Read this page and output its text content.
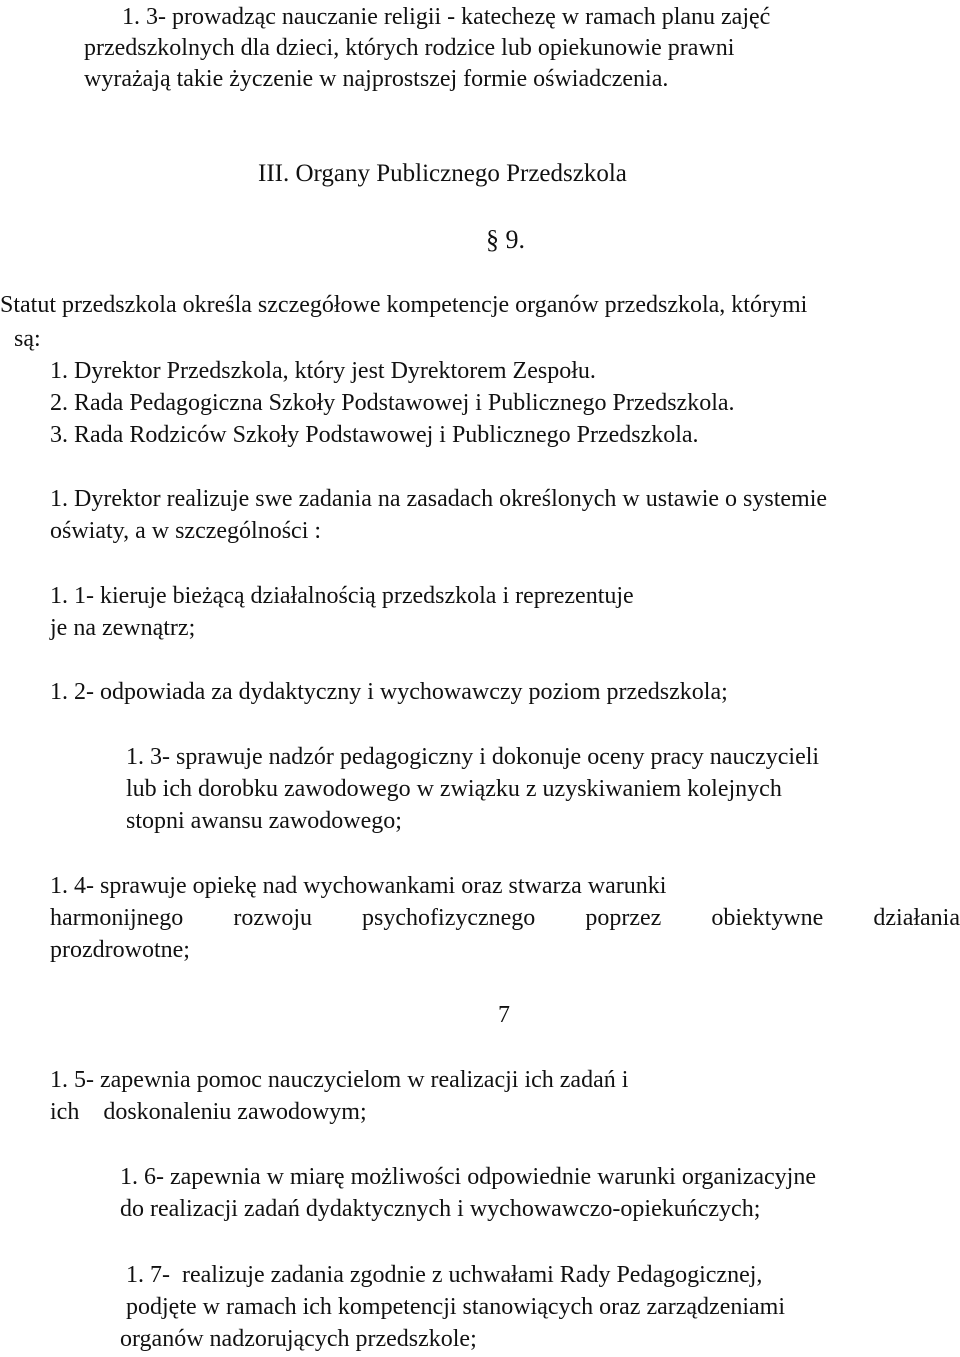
1. 3- prowadząc nauczanie religii - katechezę w ramach planu zajęć

przedszkolnych dla dzieci, których rodzice lub opiekunowie prawni

wyrażają takie życzenie w najprostszej formie oświadczenia.

III. Organy Publicznego Przedszkola

§ 9.

Statut przedszkola określa szczegółowe kompetencje organów przedszkola, którymi

są:

1. Dyrektor Przedszkola, który jest Dyrektorem Zespołu.

2. Rada Pedagogiczna Szkoły Podstawowej i Publicznego Przedszkola.

3. Rada Rodziców Szkoły Podstawowej i Publicznego Przedszkola.

1. Dyrektor realizuje swe zadania na zasadach określonych w ustawie o systemie

oświaty, a w szczególności :

1. 1- kieruje bieżącą działalnością przedszkola i reprezentuje

je na zewnątrz;

1. 2- odpowiada za dydaktyczny i wychowawczy poziom przedszkola;

1. 3- sprawuje nadzór pedagogiczny i dokonuje oceny pracy nauczycieli

lub ich dorobku zawodowego w związku z uzyskiwaniem kolejnych

stopni awansu zawodowego;

1. 4- sprawuje opiekę nad wychowankami oraz stwarza warunki

harmonijnego rozwoju psychofizycznego poprzez obiektywne działania

prozdrowotne;

7

1. 5- zapewnia pomoc nauczycielom w realizacji ich zadań i

ich    doskonaleniu zawodowym;

1. 6- zapewnia w miarę możliwości odpowiednie warunki organizacyjne

do realizacji zadań dydaktycznych i wychowawczo-opiekuńczych;

1. 7-  realizuje zadania zgodnie z uchwałami Rady Pedagogicznej,

podjęte w ramach ich kompetencji stanowiących oraz zarządzeniami

organów nadzorujących przedszkole;
